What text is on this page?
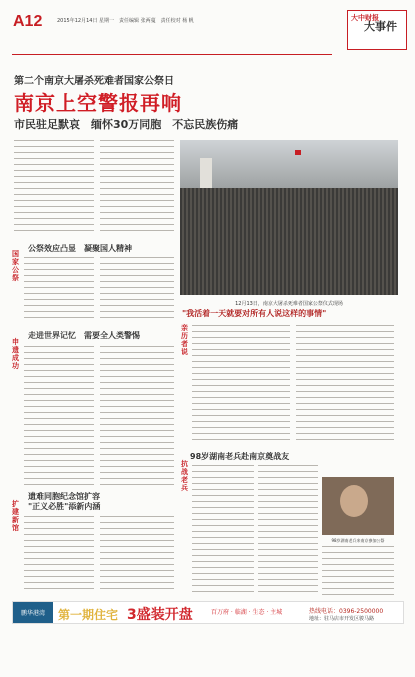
A12	2015年12月14日 星期一　责任编辑 张两蔓　责任校对 杨 帆	大中财报
大事件
第二个南京大屠杀死难者国家公祭日
南京上空警报再响
市民驻足默哀　缅怀30万同胞　不忘民族伤痛
12月13日，南京大屠杀死难者国家公祭仪式现场
公祭效应凸显　凝聚国人精神
国家公祭
走进世界记忆　需要全人类警惕
申遗成功
遗难同胞纪念馆扩容
"正义必胜"添新内涵
扩建新馆
"我活着一天就要对所有人说这样的事情"
亲历者说
98岁湖南老兵赴南京奠战友
抗战老兵
98岁湖南老兵来南京参加公祭
鹏华港湾	第一期住宅 3盛装开盘	百万府 · 临湖 · 生态 · 主城	热线电话：0396-2500000
地址：驻马店市开发区骏马路
